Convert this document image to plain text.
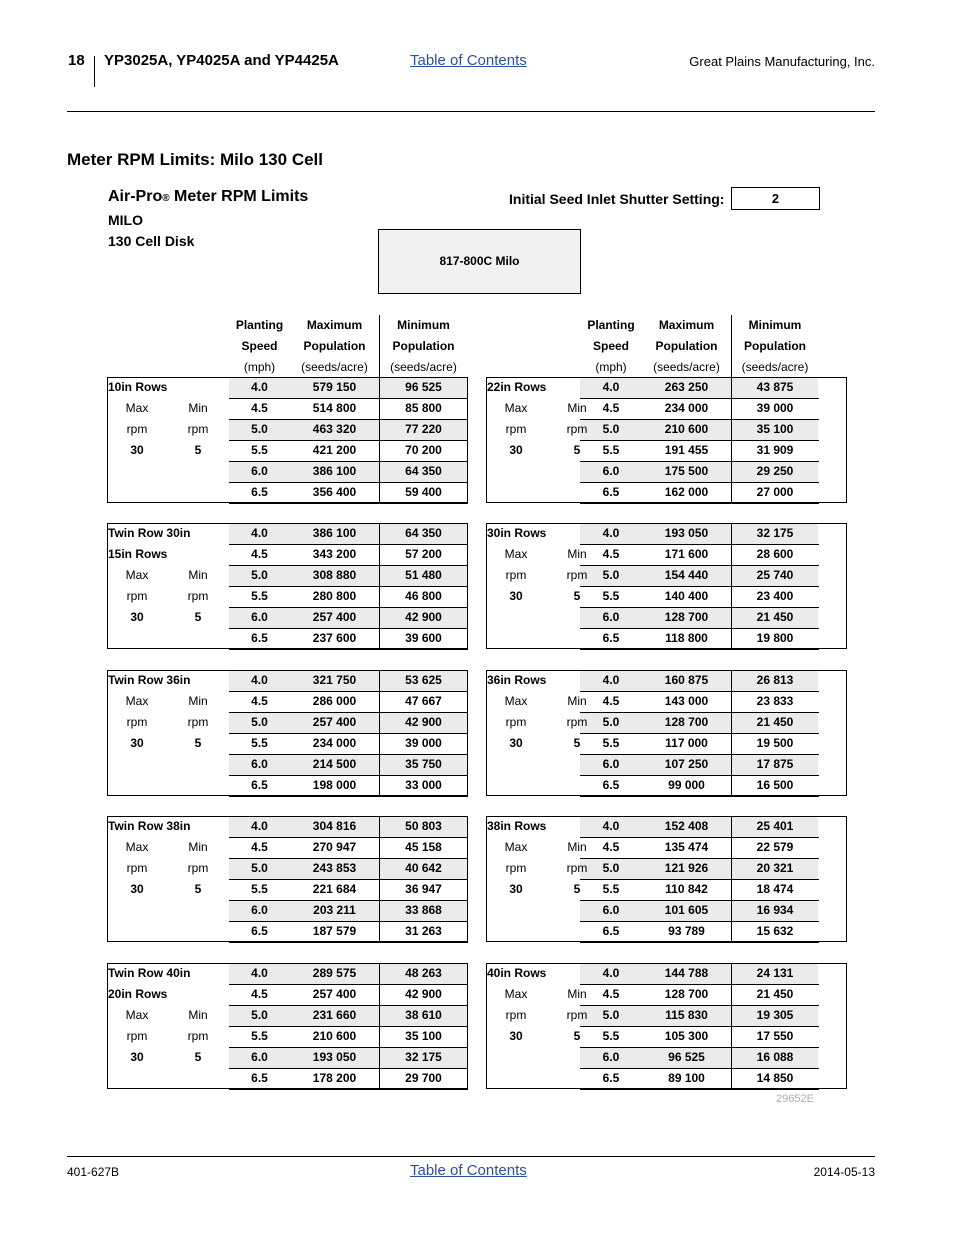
18 YP3025A, YP4025A and YP4425A	Table of Contents	Great Plains Manufacturing, Inc.
Meter RPM Limits: Milo 130 Cell
Air-Pro® Meter RPM Limits
MILO
130 Cell Disk
Initial Seed Inlet Shutter Setting:	2
817-800C Milo
Planting
Speed
(mph)
Maximum
Population
(seeds/acre)
Minimum
Population
(seeds/acre)
10in Rows
Max	Min
rpm	rpm
30	5
4.0	579 150	96 525
4.5	514 800	85 800
5.0	463 320	77 220
5.5	421 200	70 200
6.0	386 100	64 350
6.5	356 400	59 400
Twin Row 30in
15in Rows
Max	Min
rpm	rpm
30	5
4.0	386 100	64 350
4.5	343 200	57 200
5.0	308 880	51 480
5.5	280 800	46 800
6.0	257 400	42 900
6.5	237 600	39 600
Twin Row 36in
Max	Min
rpm	rpm
30	5
4.0	321 750	53 625
4.5	286 000	47 667
5.0	257 400	42 900
5.5	234 000	39 000
6.0	214 500	35 750
6.5	198 000	33 000
Twin Row 38in
Max	Min
rpm	rpm
30	5
4.0	304 816	50 803
4.5	270 947	45 158
5.0	243 853	40 642
5.5	221 684	36 947
6.0	203 211	33 868
6.5	187 579	31 263
Twin Row 40in
20in Rows
Max	Min
rpm	rpm
30	5
4.0	289 575	48 263
4.5	257 400	42 900
5.0	231 660	38 610
5.5	210 600	35 100
6.0	193 050	32 175
6.5	178 200	29 700
Planting
Speed
(mph)
Maximum
Population
(seeds/acre)
Minimum
Population
(seeds/acre)
22in Rows
Max	Min
rpm	rpm
30	5
4.0	263 250	43 875
4.5	234 000	39 000
5.0	210 600	35 100
5.5	191 455	31 909
6.0	175 500	29 250
6.5	162 000	27 000
30in Rows
Max	Min
rpm	rpm
30	5
4.0	193 050	32 175
4.5	171 600	28 600
5.0	154 440	25 740
5.5	140 400	23 400
6.0	128 700	21 450
6.5	118 800	19 800
36in Rows
Max	Min
rpm	rpm
30	5
4.0	160 875	26 813
4.5	143 000	23 833
5.0	128 700	21 450
5.5	117 000	19 500
6.0	107 250	17 875
6.5	99 000	16 500
38in Rows
Max	Min
rpm	rpm
30	5
4.0	152 408	25 401
4.5	135 474	22 579
5.0	121 926	20 321
5.5	110 842	18 474
6.0	101 605	16 934
6.5	93 789	15 632
40in Rows
Max	Min
rpm	rpm
30	5
4.0	144 788	24 131
4.5	128 700	21 450
5.0	115 830	19 305
5.5	105 300	17 550
6.0	96 525	16 088
6.5	89 100	14 850
29652E
401-627B	Table of Contents	2014-05-13
